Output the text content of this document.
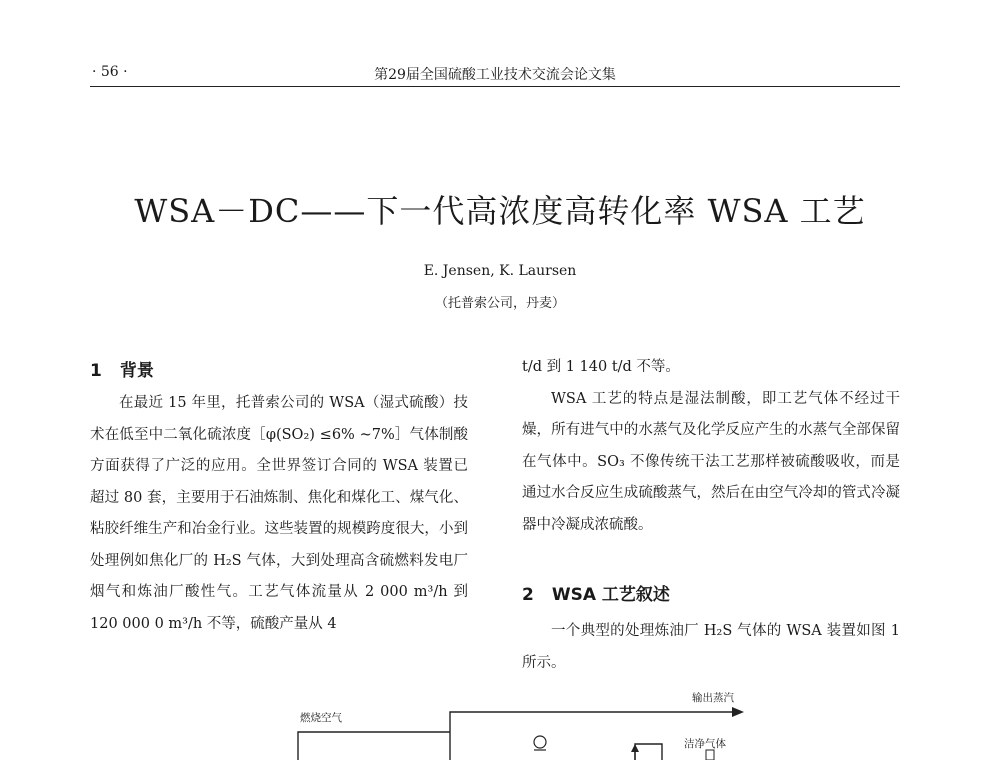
· 56 ·	第29届全国硫酸工业技术交流会论文集
WSA－DC——下一代高浓度高转化率 WSA 工艺
E. Jensen, K. Laursen
（托普索公司，丹麦）
1 背景

在最近 15 年里，托普索公司的 WSA（湿式硫酸）技术在低至中二氧化硫浓度［φ(SO₂) ≤6% ~7%］气体制酸方面获得了广泛的应用。全世界签订合同的 WSA 装置已超过 80 套，主要用于石油炼制、焦化和煤化工、煤气化、粘胶纤维生产和冶金行业。这些装置的规模跨度很大，小到处理例如焦化厂的 H₂S 气体，大到处理高含硫燃料发电厂烟气和炼油厂酸性气。工艺气体流量从 2 000 m³/h 到 120 000 0 m³/h 不等，硫酸产量从 4

t/d 到 1 140 t/d 不等。

WSA 工艺的特点是湿法制酸，即工艺气体不经过干燥，所有进气中的水蒸气及化学反应产生的水蒸气全部保留在气体中。SO₃ 不像传统干法工艺那样被硫酸吸收，而是通过水合反应生成硫酸蒸气，然后在由空气冷却的管式冷凝器中冷凝成浓硫酸。

2 WSA 工艺叙述

一个典型的处理炼油厂 H₂S 气体的 WSA 装置如图 1 所示。

燃烧空气
输出蒸汽
洁净气体
